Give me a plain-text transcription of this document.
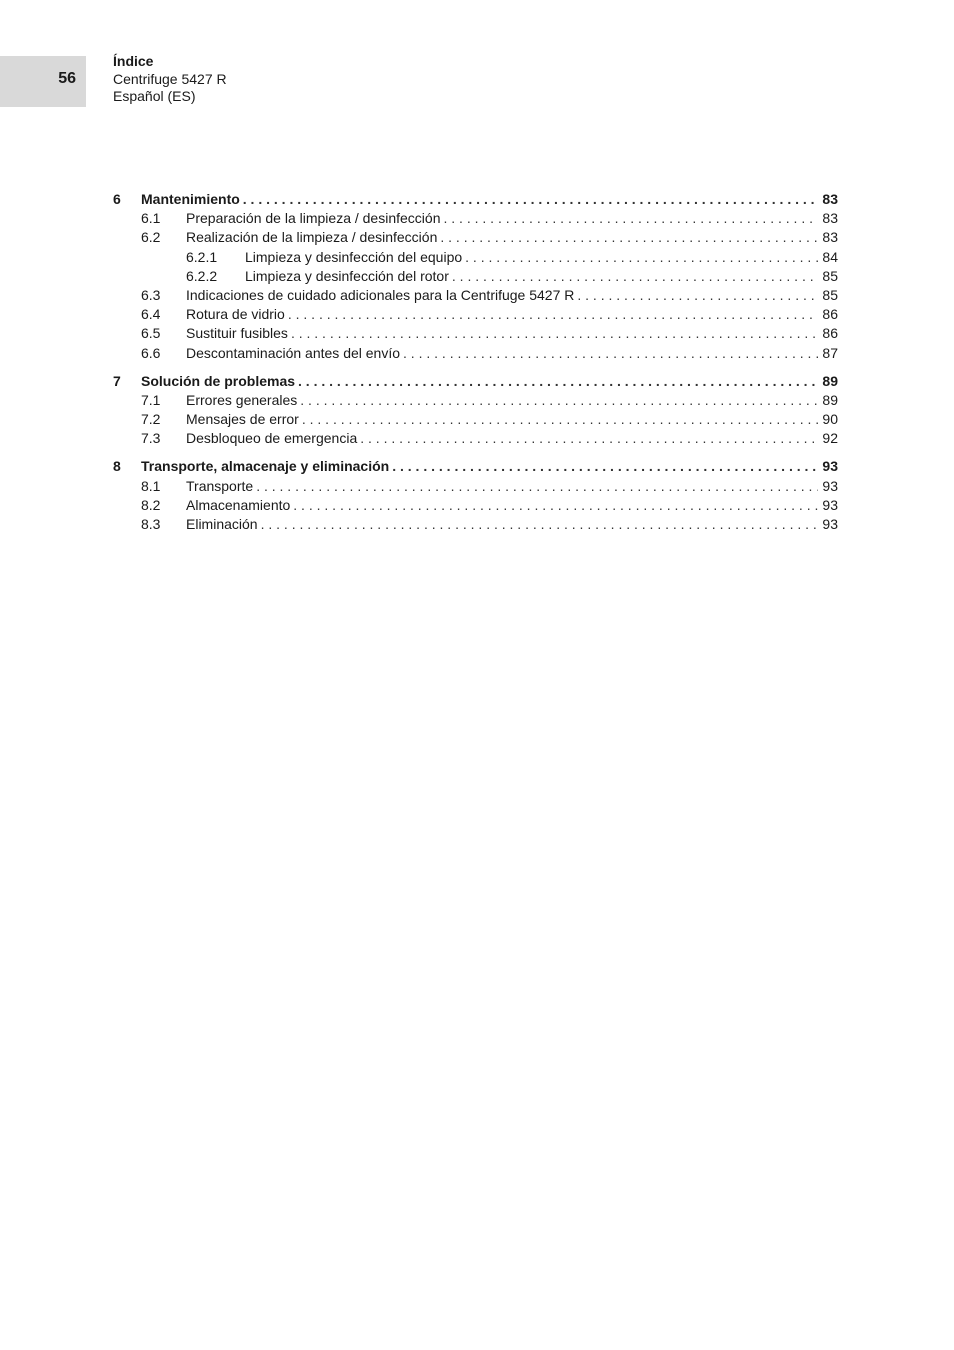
56
Índice
Centrifuge 5427 R
Español (ES)
6 Mantenimiento . . .	83
6.1 Preparación de la limpieza / desinfección . . .	83
6.2 Realización de la limpieza / desinfección . . .	83
6.2.1 Limpieza y desinfección del equipo . . .	84
6.2.2 Limpieza y desinfección del rotor . . .	85
6.3 Indicaciones de cuidado adicionales para la Centrifuge 5427 R . . .	85
6.4 Rotura de vidrio . . .	86
6.5 Sustituir fusibles . . .	86
6.6 Descontaminación antes del envío . . .	87
7 Solución de problemas . . .	89
7.1 Errores generales . . .	89
7.2 Mensajes de error . . .	90
7.3 Desbloqueo de emergencia . . .	92
8 Transporte, almacenaje y eliminación . . .	93
8.1 Transporte . . .	93
8.2 Almacenamiento . . .	93
8.3 Eliminación . . .	93
